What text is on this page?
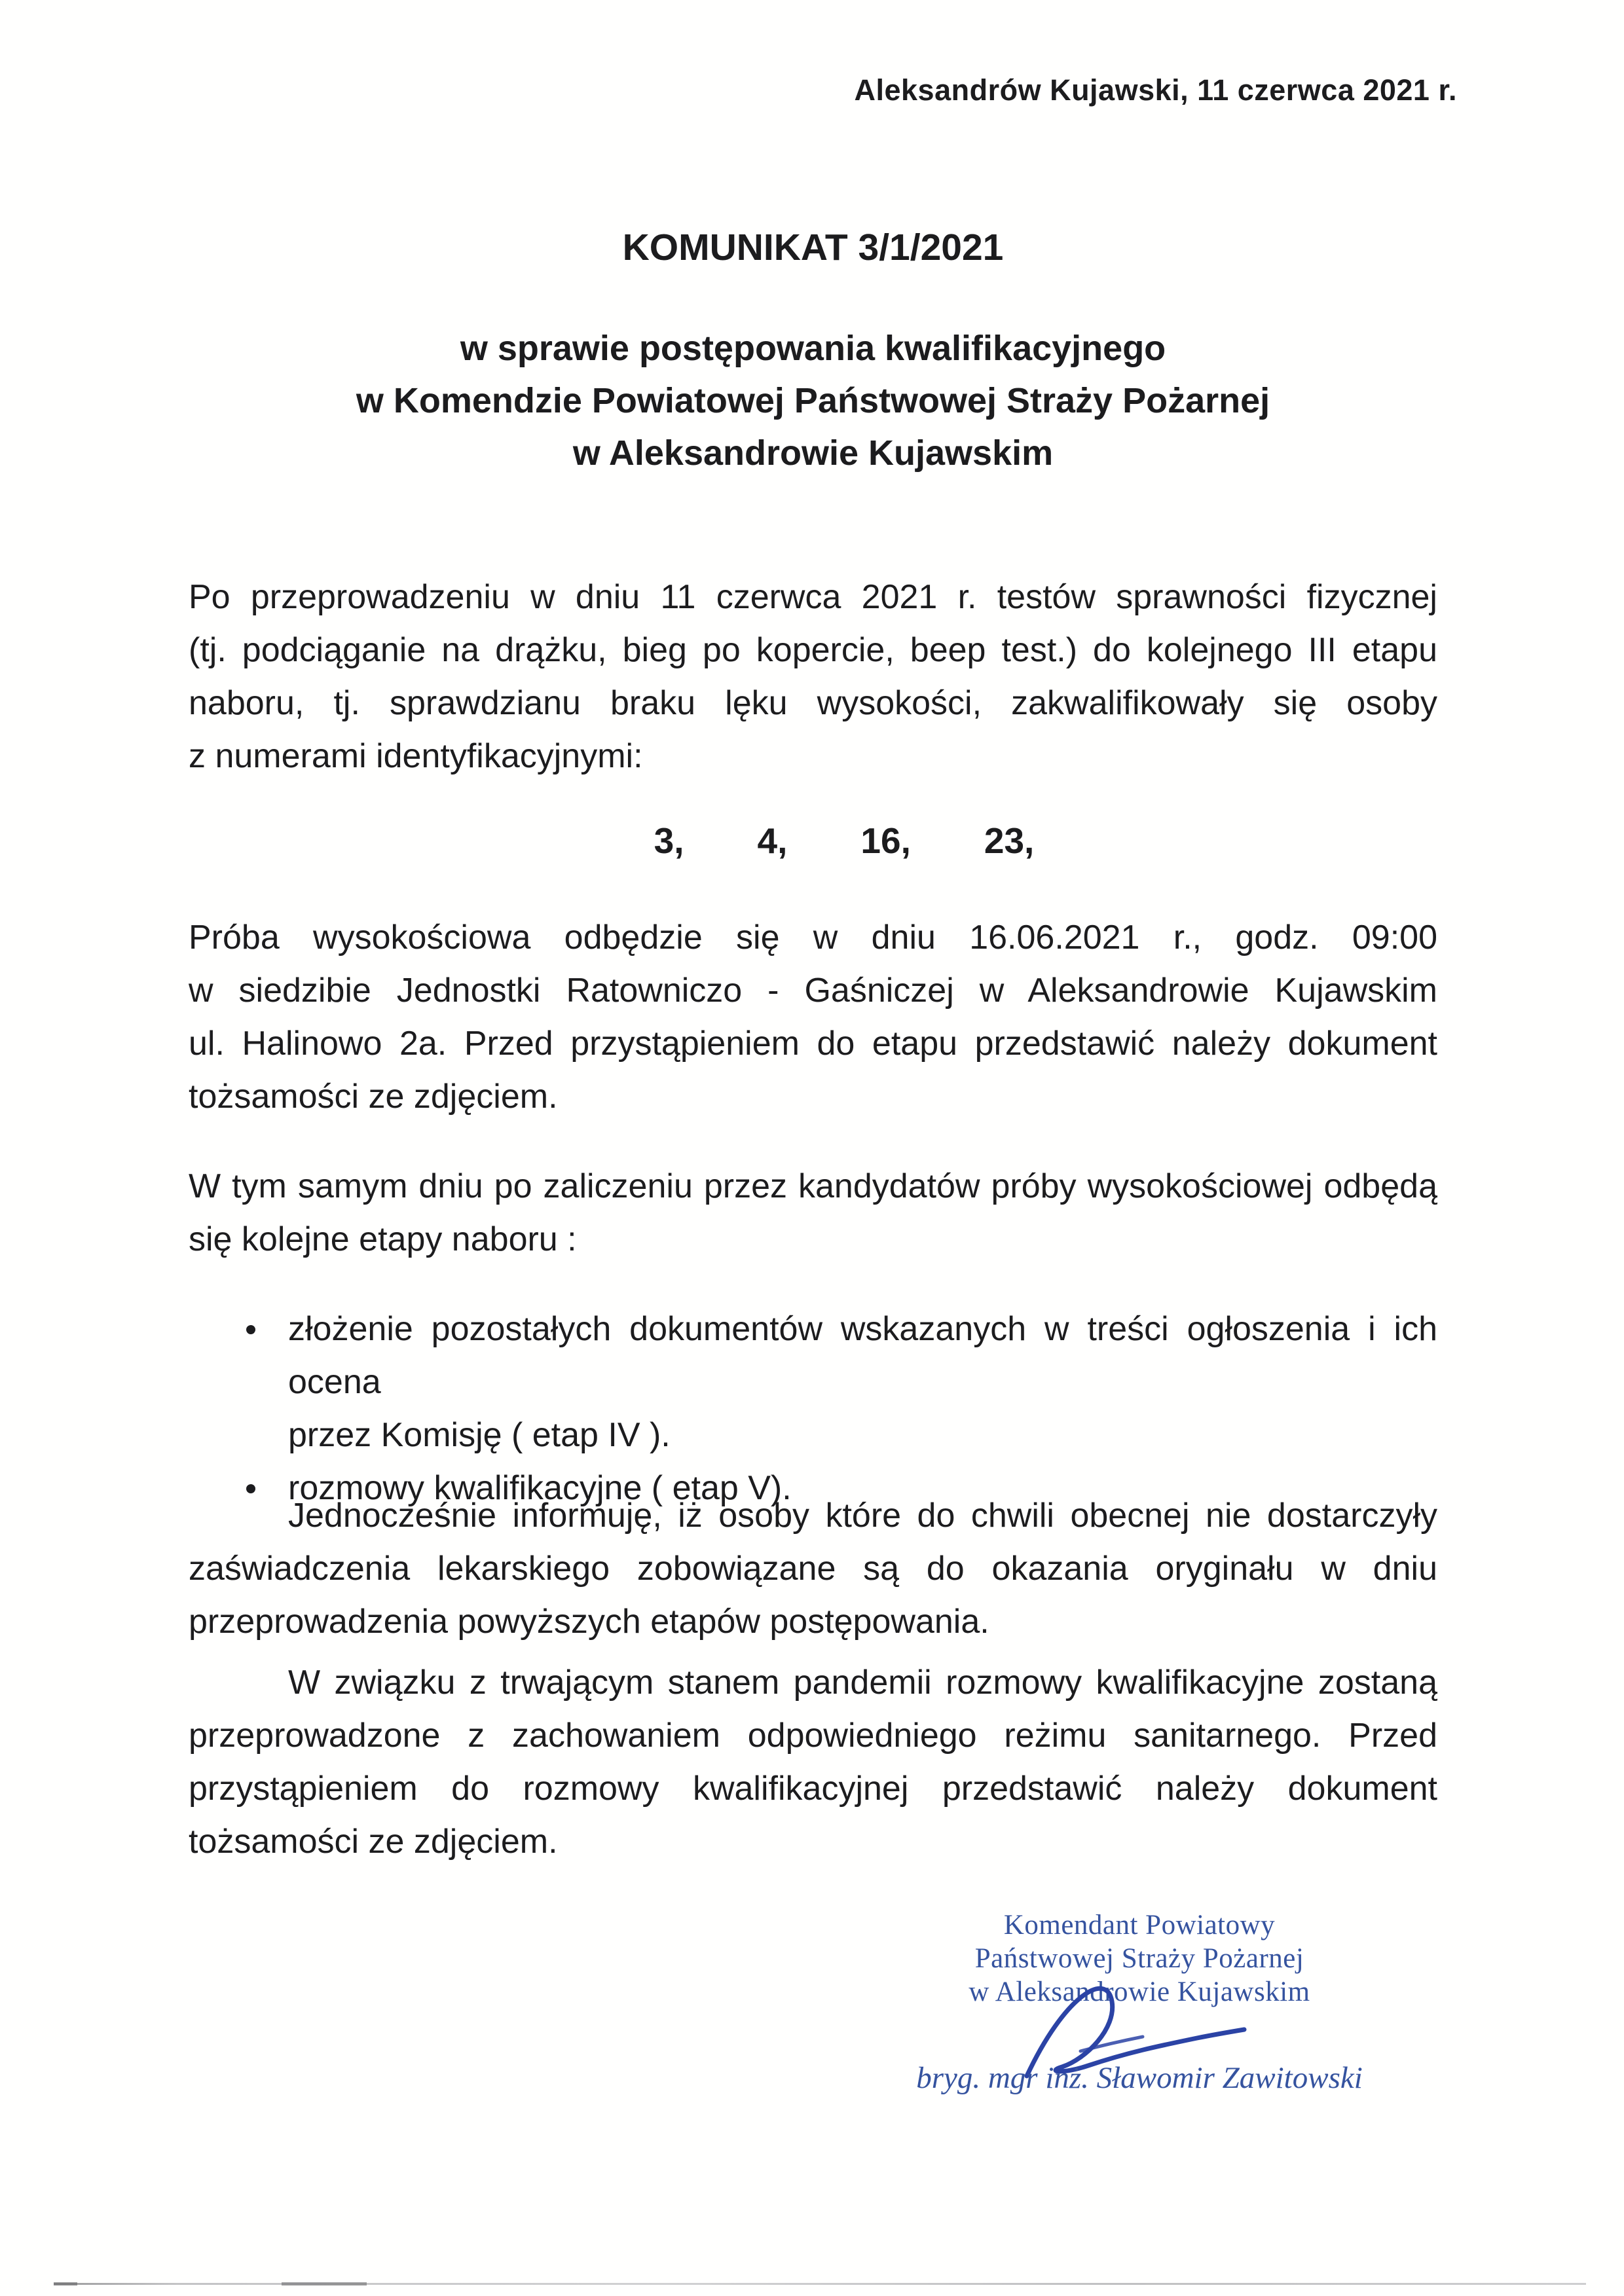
Aleksandrów Kujawski, 11 czerwca 2021 r.
KOMUNIKAT 3/1/2021
w sprawie postępowania kwalifikacyjnego
w Komendzie Powiatowej Państwowej Straży Pożarnej
w Aleksandrowie Kujawskim
Po przeprowadzeniu w dniu 11 czerwca 2021 r. testów sprawności fizycznej
(tj. podciąganie na drążku, bieg po kopercie, beep test.) do kolejnego III etapu
naboru, tj. sprawdzianu braku lęku wysokości, zakwalifikowały się osoby
z numerami identyfikacyjnymi:
3, 4, 16, 23,
Próba wysokościowa odbędzie się w dniu 16.06.2021 r., godz. 09:00
w siedzibie Jednostki Ratowniczo - Gaśniczej w Aleksandrowie Kujawskim
ul. Halinowo 2a. Przed przystąpieniem do etapu przedstawić należy dokument
tożsamości ze zdjęciem.
W tym samym dniu po zaliczeniu przez kandydatów próby wysokościowej odbędą
się kolejne etapy naboru :
złożenie pozostałych dokumentów wskazanych w treści ogłoszenia i ich ocena
przez Komisję ( etap IV ).
rozmowy kwalifikacyjne ( etap V).
Jednocześnie informuję, iż osoby które do chwili obecnej nie dostarczyły
zaświadczenia lekarskiego zobowiązane są do okazania oryginału w dniu
przeprowadzenia powyższych etapów postępowania.
W związku z trwającym stanem pandemii rozmowy kwalifikacyjne zostaną
przeprowadzone z zachowaniem odpowiedniego reżimu sanitarnego. Przed
przystąpieniem do rozmowy kwalifikacyjnej przedstawić należy dokument
tożsamości ze zdjęciem.
Komendant Powiatowy
Państwowej Straży Pożarnej
w Aleksandrowie Kujawskim
bryg. mgr inż. Sławomir Zawitowski
